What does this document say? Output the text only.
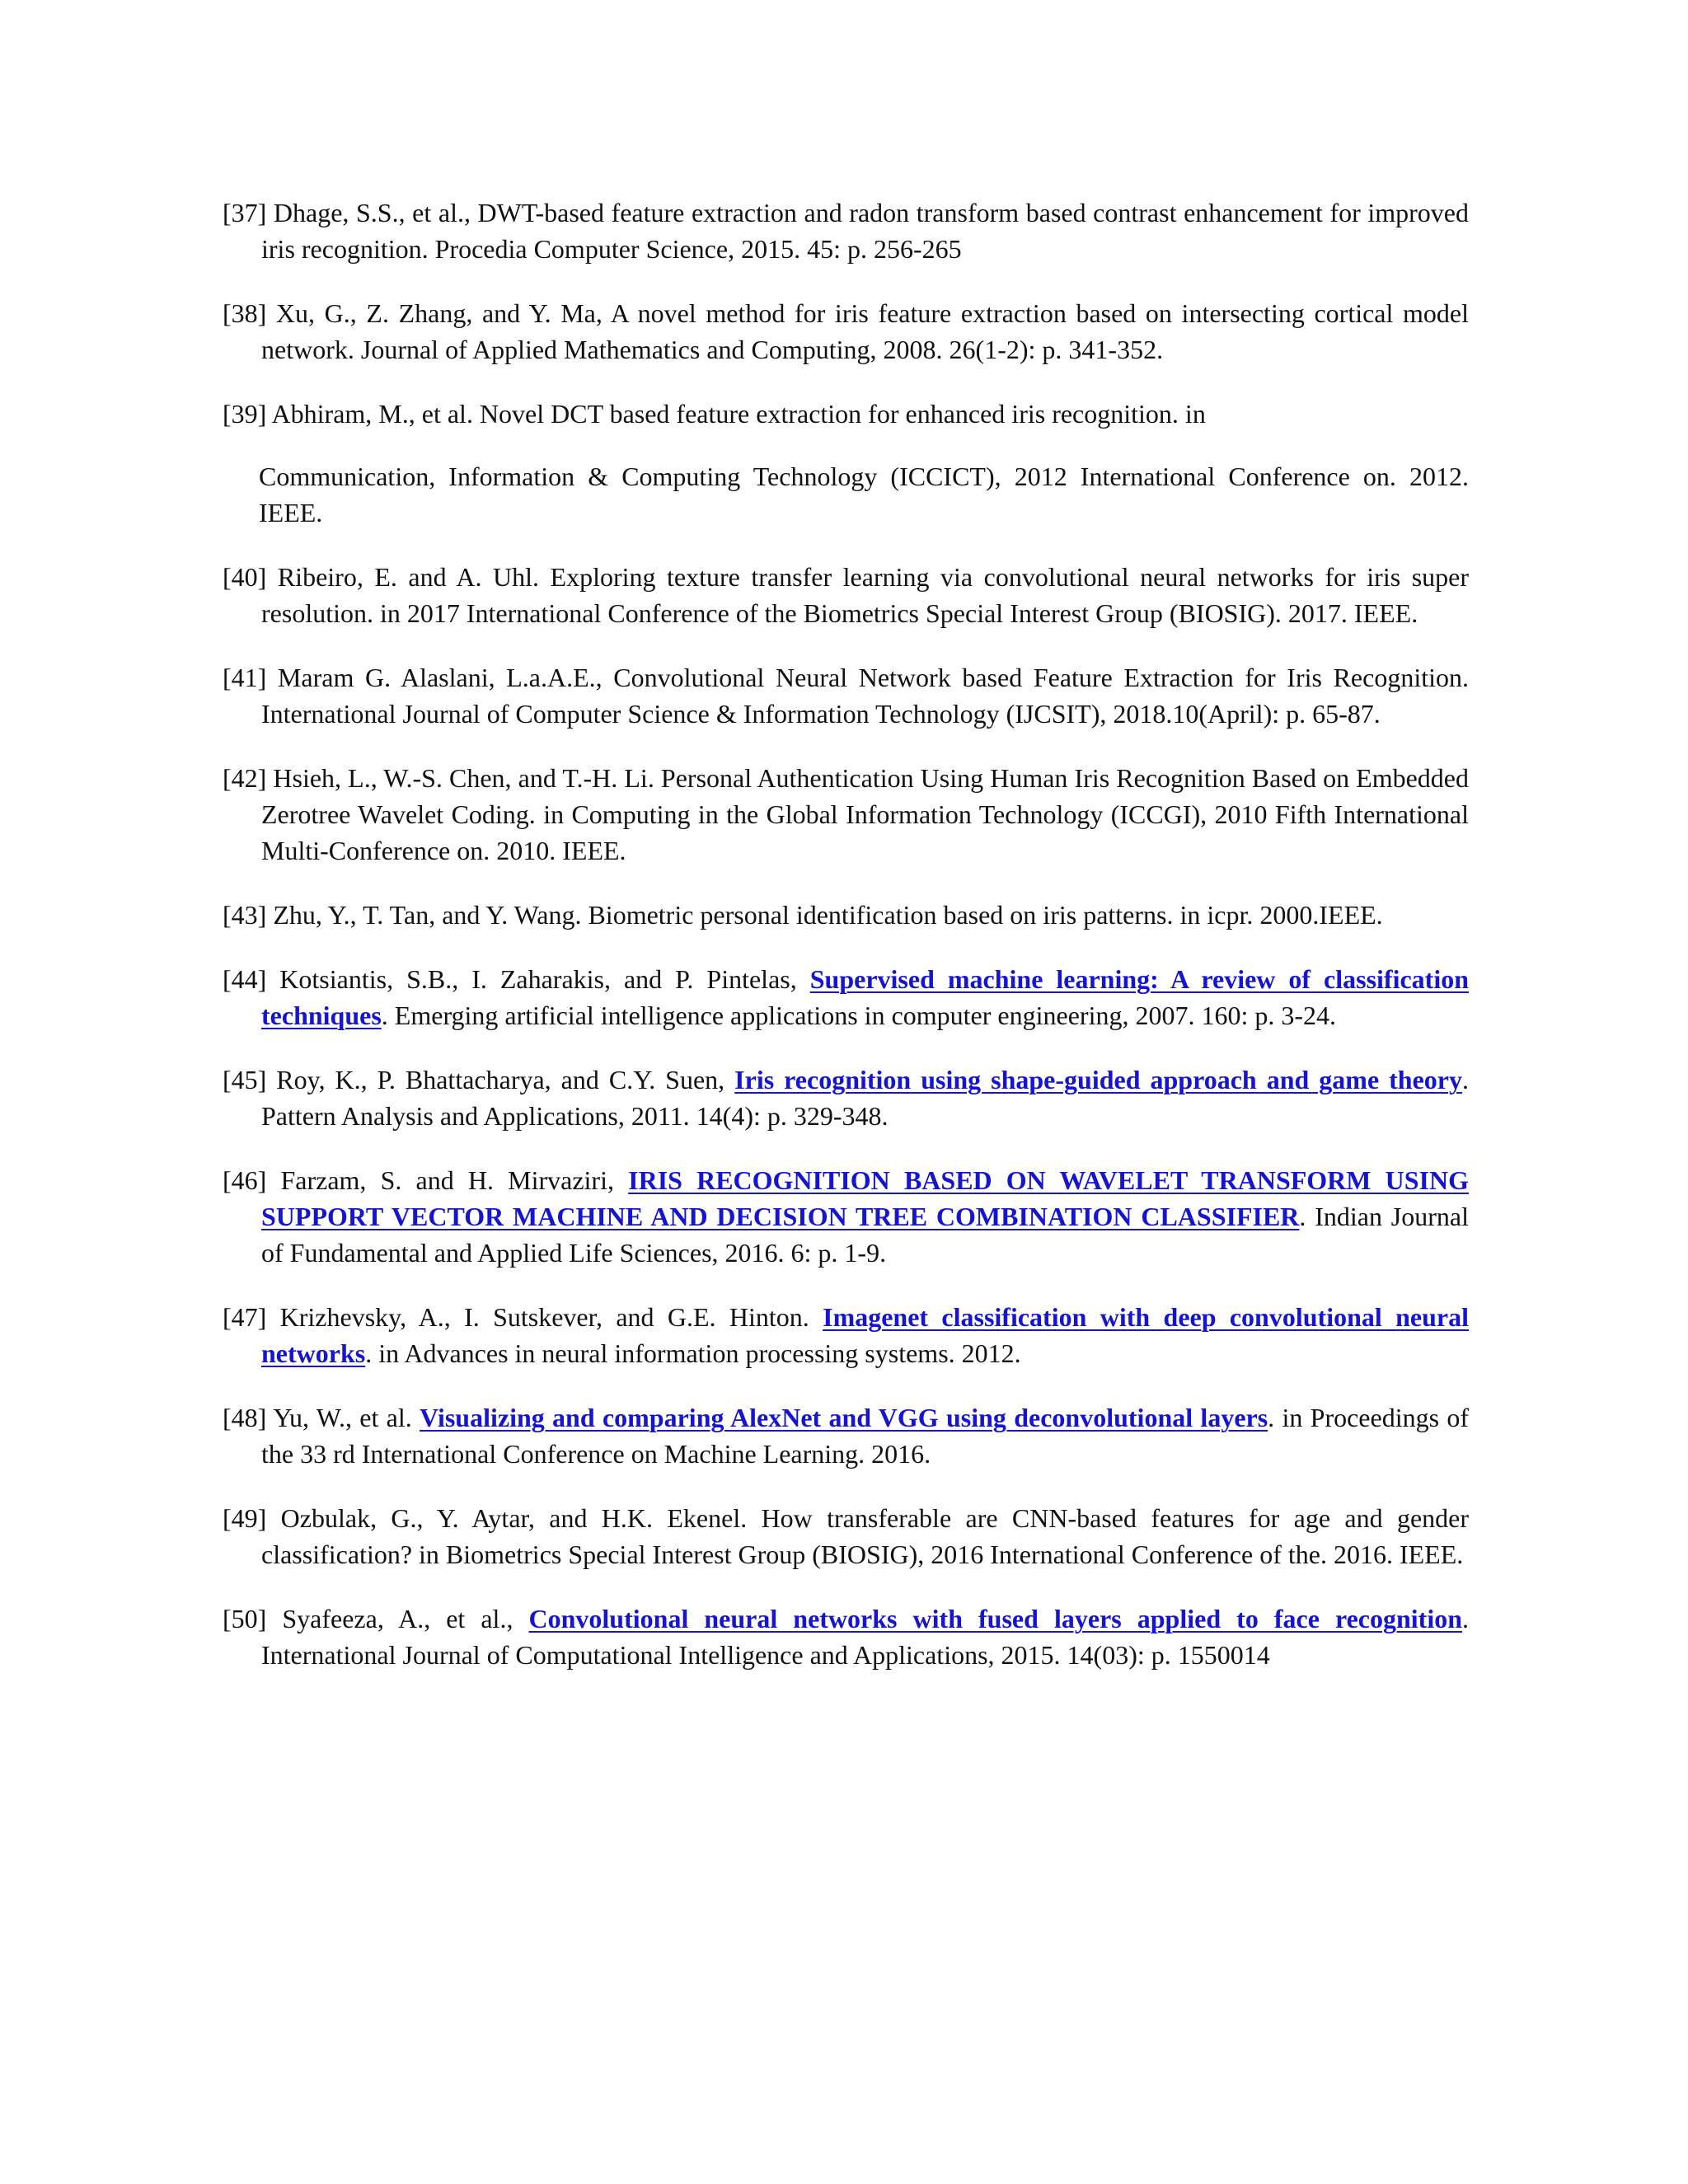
[37] Dhage, S.S., et al., DWT-based feature extraction and radon transform based contrast enhancement for improved iris recognition. Procedia Computer Science, 2015. 45: p. 256-265

[38] Xu, G., Z. Zhang, and Y. Ma, A novel method for iris feature extraction based on intersecting cortical model network. Journal of Applied Mathematics and Computing, 2008. 26(1-2): p. 341-352.

[39] Abhiram, M., et al. Novel DCT based feature extraction for enhanced iris recognition. in

Communication, Information & Computing Technology (ICCICT), 2012 International Conference on. 2012. IEEE.

[40] Ribeiro, E. and A. Uhl. Exploring texture transfer learning via convolutional neural networks for iris super resolution. in 2017 International Conference of the Biometrics Special Interest Group (BIOSIG). 2017. IEEE.

[41] Maram G. Alaslani, L.a.A.E., Convolutional Neural Network based Feature Extraction for Iris Recognition. International Journal of Computer Science & Information Technology (IJCSIT), 2018.10(April): p. 65-87.

[42] Hsieh, L., W.-S. Chen, and T.-H. Li. Personal Authentication Using Human Iris Recognition Based on Embedded Zerotree Wavelet Coding. in Computing in the Global Information Technology (ICCGI), 2010 Fifth International Multi-Conference on. 2010. IEEE.

[43] Zhu, Y., T. Tan, and Y. Wang. Biometric personal identification based on iris patterns. in icpr. 2000.IEEE.

[44] Kotsiantis, S.B., I. Zaharakis, and P. Pintelas, Supervised machine learning: A review of classification techniques. Emerging artificial intelligence applications in computer engineering, 2007. 160: p. 3-24.

[45] Roy, K., P. Bhattacharya, and C.Y. Suen, Iris recognition using shape-guided approach and game theory. Pattern Analysis and Applications, 2011. 14(4): p. 329-348.

[46] Farzam, S. and H. Mirvaziri, IRIS RECOGNITION BASED ON WAVELET TRANSFORM USING SUPPORT VECTOR MACHINE AND DECISION TREE COMBINATION CLASSIFIER. Indian Journal of Fundamental and Applied Life Sciences, 2016. 6: p. 1-9.

[47] Krizhevsky, A., I. Sutskever, and G.E. Hinton. Imagenet classification with deep convolutional neural networks. in Advances in neural information processing systems. 2012.

[48] Yu, W., et al. Visualizing and comparing AlexNet and VGG using deconvolutional layers. in Proceedings of the 33 rd International Conference on Machine Learning. 2016.

[49] Ozbulak, G., Y. Aytar, and H.K. Ekenel. How transferable are CNN-based features for age and gender classification? in Biometrics Special Interest Group (BIOSIG), 2016 International Conference of the. 2016. IEEE.

[50] Syafeeza, A., et al., Convolutional neural networks with fused layers applied to face recognition. International Journal of Computational Intelligence and Applications, 2015. 14(03): p. 1550014
